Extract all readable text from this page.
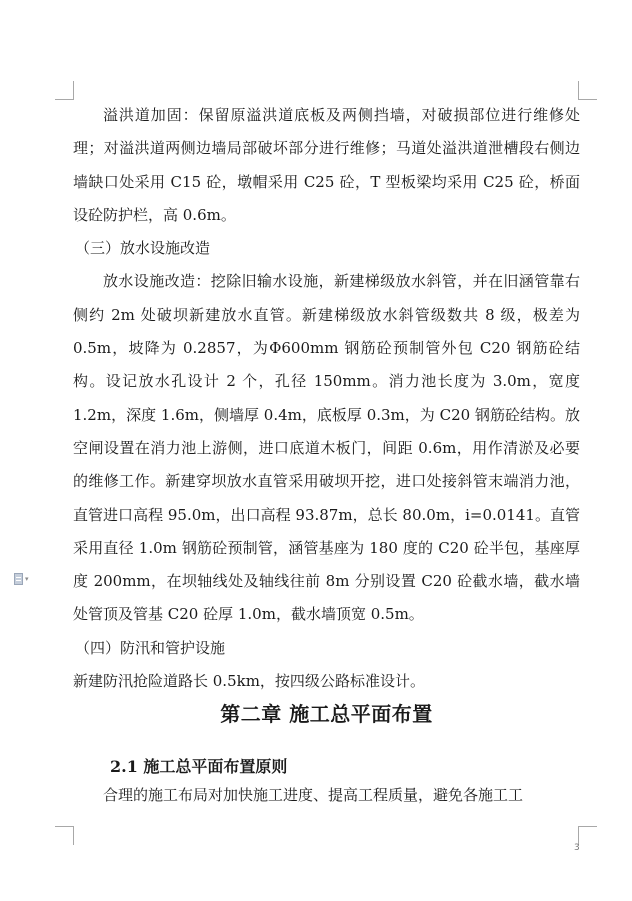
▾

溢洪道加固：保留原溢洪道底板及两侧挡墙，对破损部位进行维修处理；对溢洪道两侧边墙局部破坏部分进行维修；马道处溢洪道泄槽段右侧边墙缺口处采用 C15 砼，墩帽采用 C25 砼，T 型板梁均采用 C25 砼，桥面设砼防护栏，高 0.6m。

（三）放水设施改造

放水设施改造：挖除旧输水设施，新建梯级放水斜管，并在旧涵管靠右侧约 2m 处破坝新建放水直管。新建梯级放水斜管级数共 8 级，极差为 0.5m，坡降为 0.2857，为Φ600mm 钢筋砼预制管外包 C20 钢筋砼结构。设记放水孔设计 2 个，孔径 150mm。消力池长度为 3.0m，宽度 1.2m，深度 1.6m，侧墙厚 0.4m，底板厚 0.3m，为 C20 钢筋砼结构。放空闸设置在消力池上游侧，进口底道木板门，间距 0.6m，用作清淤及必要的维修工作。新建穿坝放水直管采用破坝开挖，进口处接斜管末端消力池，直管进口高程 95.0m，出口高程 93.87m，总长 80.0m，i=0.0141。直管采用直径 1.0m 钢筋砼预制管，涵管基座为 180 度的 C20 砼半包，基座厚度 200mm，在坝轴线处及轴线往前 8m 分别设置 C20 砼截水墙，截水墙处管顶及管基 C20 砼厚 1.0m，截水墙顶宽 0.5m。

（四）防汛和管护设施

新建防汛抢险道路长 0.5km，按四级公路标准设计。

第二章 施工总平面布置
2.1 施工总平面布置原则
合理的施工布局对加快施工进度、提高工程质量，避免各施工工
3
